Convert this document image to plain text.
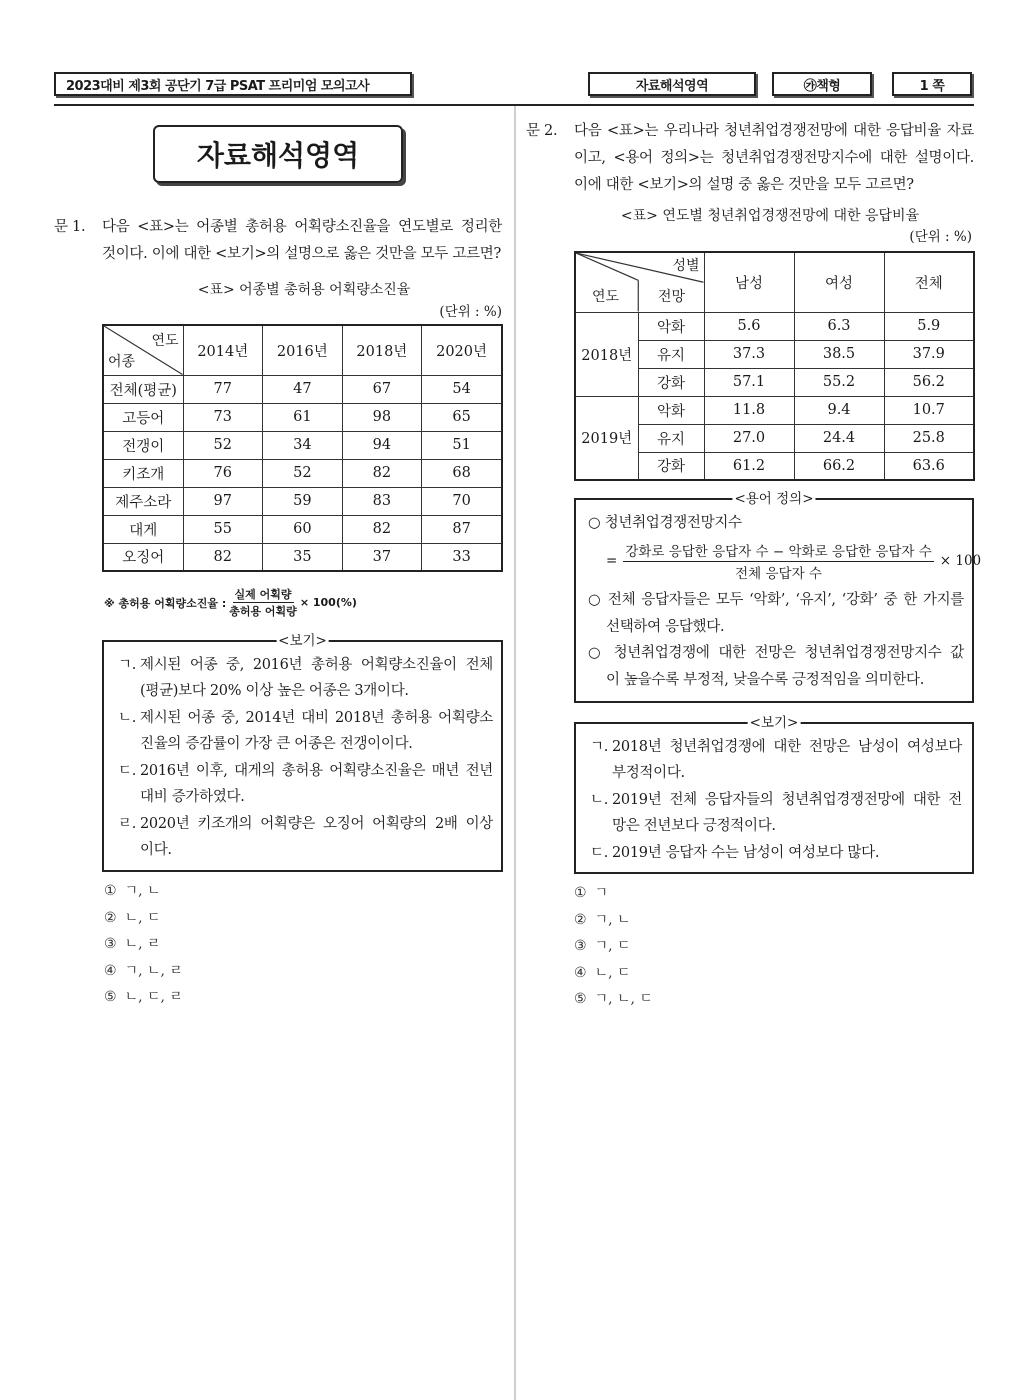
2023대비 제3회 공단기 7급 PSAT 프리미엄 모의고사	자료해석영역	㉮책형	1 쪽
자료해석영역
문 1. 다음 <표>는 어종별 총허용 어획량소진율을 연도별로 정리한
것이다. 이에 대한 <보기>의 설명으로 옳은 것만을 모두 고르면?
<표> 어종별 총허용 어획량소진율
(단위 : %)
연도
어종	2014년	2016년	2018년	2020년
전체(평균)	77	47	67	54
고등어	73	61	98	65
전갱이	52	34	94	51
키조개	76	52	82	68
제주소라	97	59	83	70
대게	55	60	82	87
오징어	82	35	37	33
※ 총허용 어획량소진율 : $\frac{\text{실제 어획량}}{\text{총허용 어획량}} \times 100(\%)$
<보기>
ㄱ. 제시된 어종 중, 2016년 총허용 어획량소진율이 전체
(평균)보다 20% 이상 높은 어종은 3개이다.
ㄴ. 제시된 어종 중, 2014년 대비 2018년 총허용 어획량소
진율의 증감률이 가장 큰 어종은 전갱이이다.
ㄷ. 2016년 이후, 대게의 총허용 어획량소진율은 매년 전년
대비 증가하였다.
ㄹ. 2020년 키조개의 어획량은 오징어 어획량의 2배 이상
이다.
① ㄱ, ㄴ
② ㄴ, ㄷ
③ ㄴ, ㄹ
④ ㄱ, ㄴ, ㄹ
⑤ ㄴ, ㄷ, ㄹ
문 2. 다음 <표>는 우리나라 청년취업경쟁전망에 대한 응답비율 자료
이고, <용어 정의>는 청년취업경쟁전망지수에 대한 설명이다.
이에 대한 <보기>의 설명 중 옳은 것만을 모두 고르면?
<표> 연도별 청년취업경쟁전망에 대한 응답비율
(단위 : %)
성별
연도 전망		남성	여성	전체
2018년	악화	5.6	6.3	5.9
	유지	37.3	38.5	37.9
	강화	57.1	55.2	56.2
2019년	악화	11.8	9.4	10.7
	유지	27.0	24.4	25.8
	강화	61.2	66.2	63.6
<용어 정의>
○ 청년취업경쟁전망지수
○ 전체 응답자들은 모두 ‘악화’, ‘유지’, ‘강화’ 중 한 가지를
선택하여 응답했다.
○ 청년취업경쟁에 대한 전망은 청년취업경쟁전망지수 값
이 높을수록 부정적, 낮을수록 긍정적임을 의미한다.
= $\frac{\text{강화로 응답한 응답자 수 − 악화로 응답한 응답자 수}}{\text{전체 응답자 수}} \times 100$
<보기>
ㄱ. 2018년 청년취업경쟁에 대한 전망은 남성이 여성보다
부정적이다.
ㄴ. 2019년 전체 응답자들의 청년취업경쟁전망에 대한 전
망은 전년보다 긍정적이다.
ㄷ. 2019년 응답자 수는 남성이 여성보다 많다.
① ㄱ
② ㄱ, ㄴ
③ ㄱ, ㄷ
④ ㄴ, ㄷ
⑤ ㄱ, ㄴ, ㄷ
